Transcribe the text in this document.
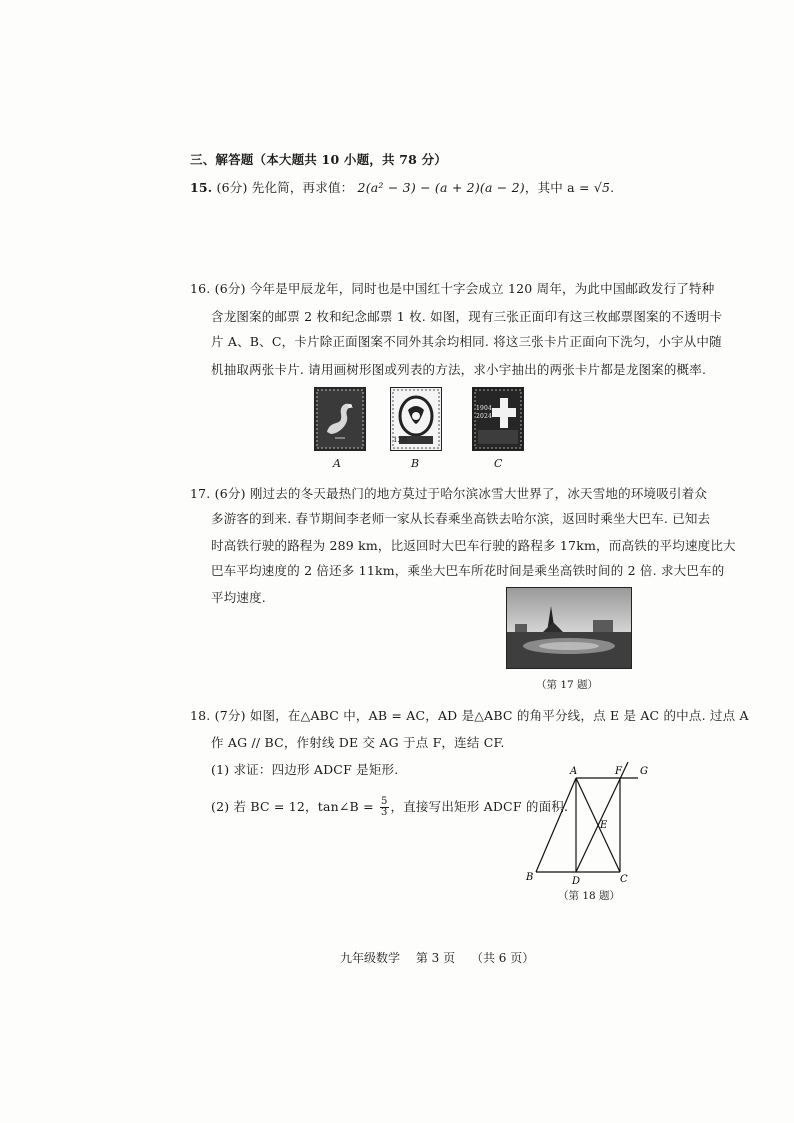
三、解答题（本大题共 10 小题，共 78 分）
15. (6分) 先化简，再求值： 2(a² − 3) − (a + 2)(a − 2)，其中 a = √5.
16. (6分) 今年是甲辰龙年，同时也是中国红十字会成立 120 周年，为此中国邮政发行了特种
含龙图案的邮票 2 枚和纪念邮票 1 枚. 如图，现有三张正面印有这三枚邮票图案的不透明卡
片 A、B、C，卡片除正面图案不同外其余均相同. 将这三张卡片正面向下洗匀，小宇从中随
机抽取两张卡片. 请用画树形图或列表的方法，求小宇抽出的两张卡片都是龙图案的概率.
A
120
B
1904
2024
C
17. (6分) 刚过去的冬天最热门的地方莫过于哈尔滨冰雪大世界了，冰天雪地的环境吸引着众
多游客的到来. 春节期间李老师一家从长春乘坐高铁去哈尔滨，返回时乘坐大巴车. 已知去
时高铁行驶的路程为 289 km，比返回时大巴车行驶的路程多 17km，而高铁的平均速度比大
巴车平均速度的 2 倍还多 11km，乘坐大巴车所花时间是乘坐高铁时间的 2 倍. 求大巴车的
平均速度.
（第 17 题）
18. (7分) 如图，在△ABC 中，AB = AC，AD 是△ABC 的角平分线，点 E 是 AC 的中点. 过点 A
作 AG // BC，作射线 DE 交 AG 于点 F，连结 CF.
(1) 求证：四边形 ADCF 是矩形.
(2) 若 BC = 12，tan∠B = $\frac{5}{3}$ ，直接写出矩形 ADCF 的面积.
A	F G
E
B	D	C
（第 18 题）
九年级数学 第 3 页 （共 6 页）
